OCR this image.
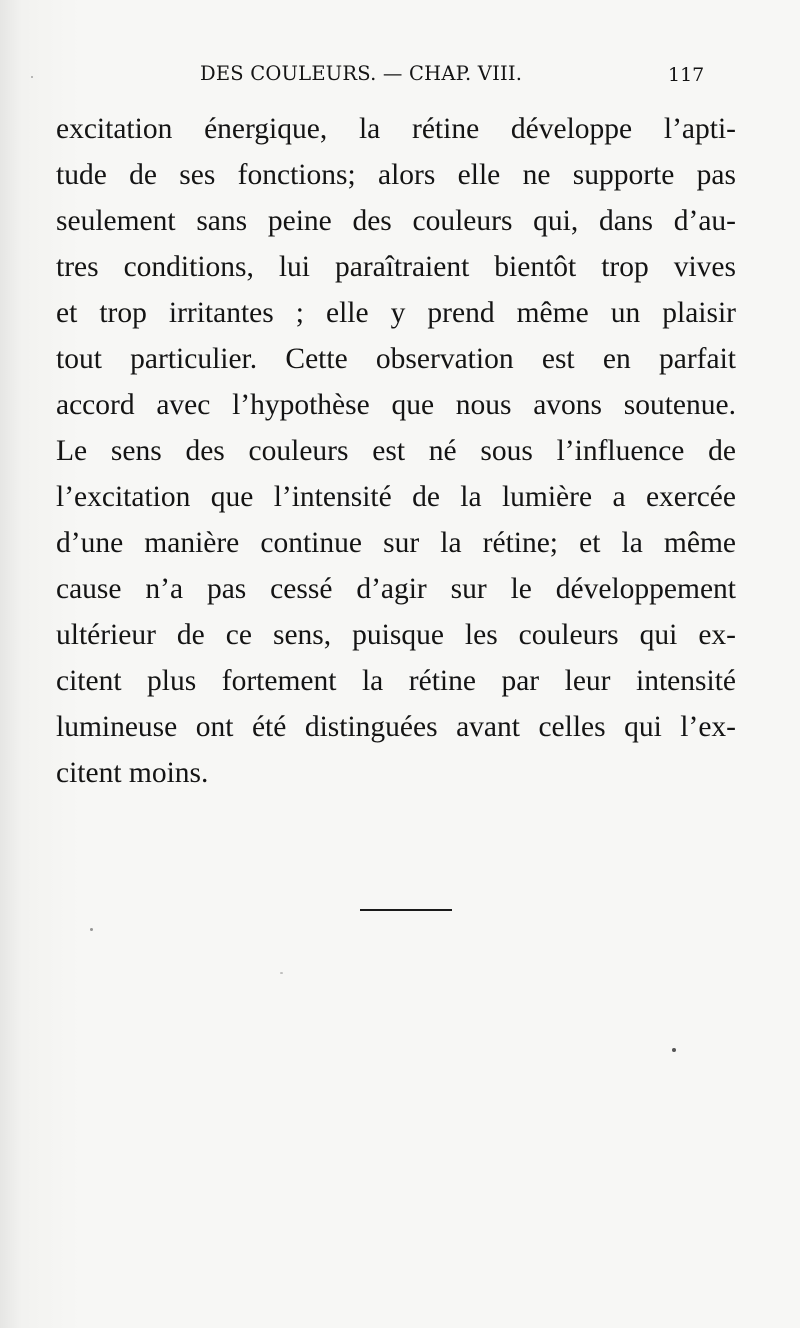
DES COULEURS. — CHAP. VIII.	117
excitation énergique, la rétine développe l’apti-
tude de ses fonctions; alors elle ne supporte pas
seulement sans peine des couleurs qui, dans d’au-
tres conditions, lui paraîtraient bientôt trop vives
et trop irritantes ; elle y prend même un plaisir
tout particulier. Cette observation est en parfait
accord avec l’hypothèse que nous avons soutenue.
Le sens des couleurs est né sous l’influence de
l’excitation que l’intensité de la lumière a exercée
d’une manière continue sur la rétine; et la même
cause n’a pas cessé d’agir sur le développement
ultérieur de ce sens, puisque les couleurs qui ex-
citent plus fortement la rétine par leur intensité
lumineuse ont été distinguées avant celles qui l’ex-
citent moins.
